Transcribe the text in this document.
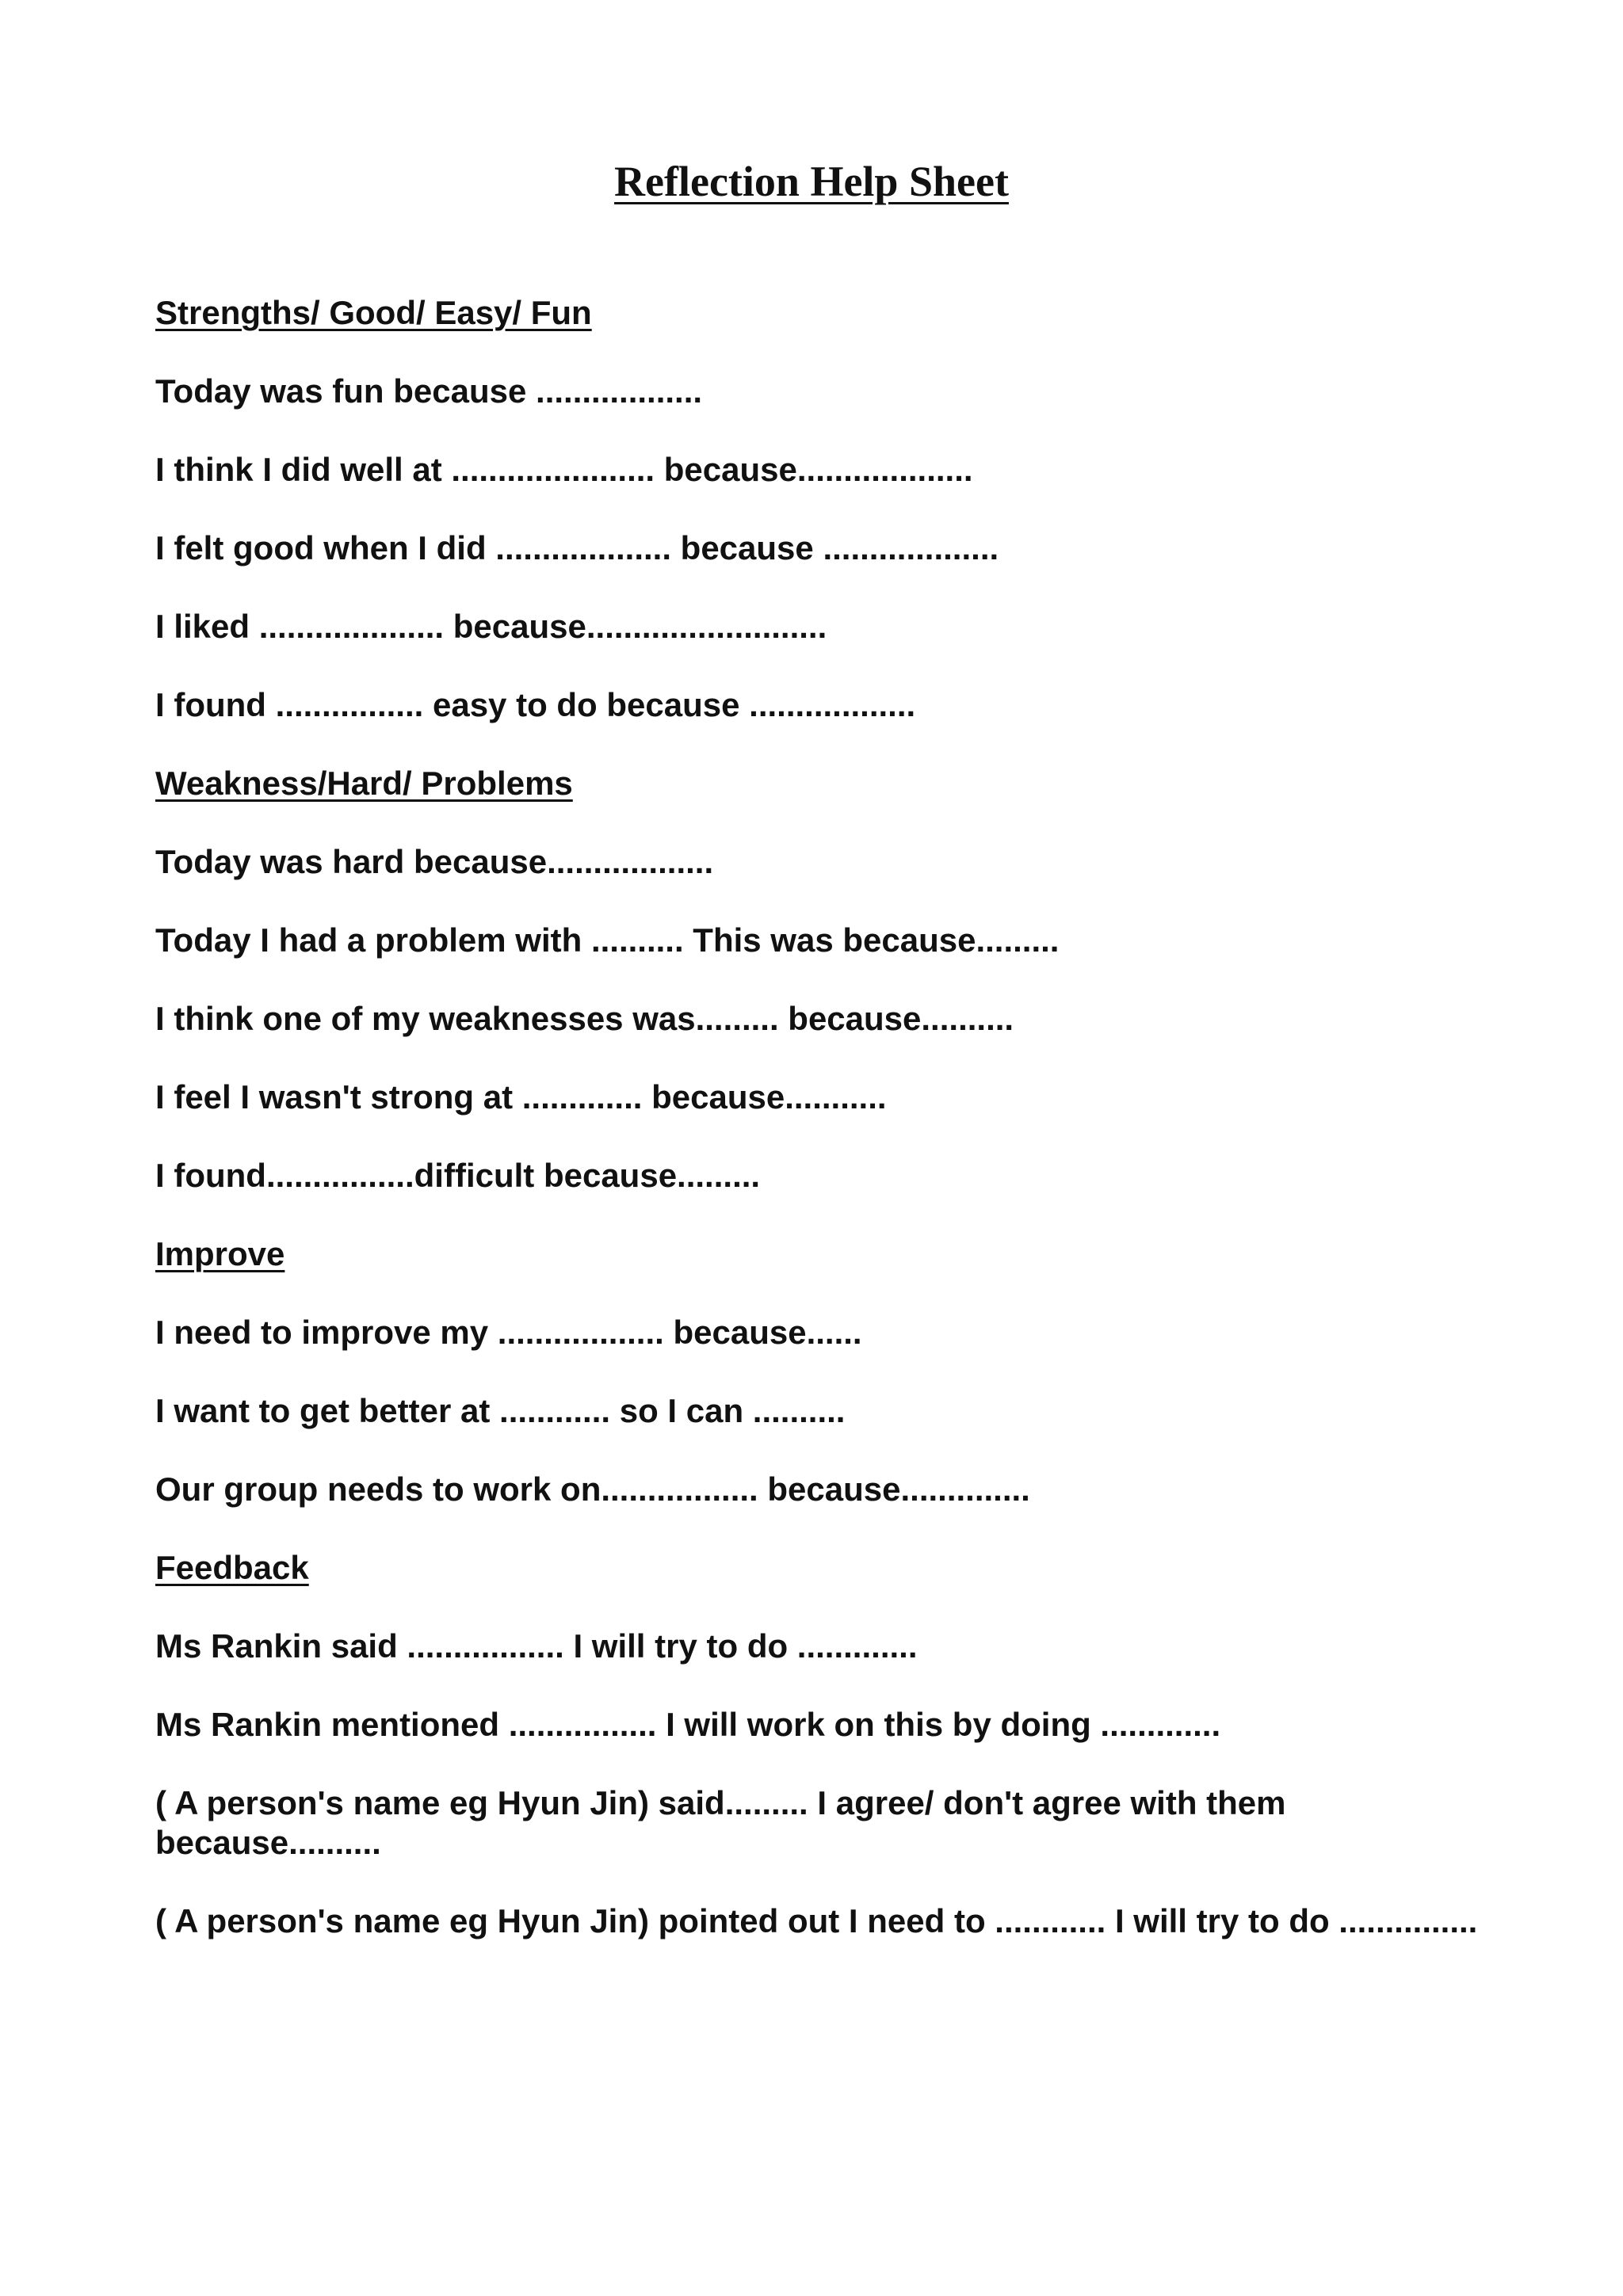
Reflection Help Sheet

Strengths/ Good/ Easy/ Fun

Today was fun because ..................

I think I did well at ...................... because...................

I felt good when I did ................... because ...................

I liked .................... because..........................

I found ................ easy to do because ..................

Weakness/Hard/ Problems

Today was hard because..................

Today I had a problem with .......... This was because.........

I think one of my weaknesses was......... because..........

I feel I wasn't strong at ............. because...........

I found................difficult because.........

Improve

I need to improve my .................. because......

I want to get better at ............ so I can ..........

Our group needs to work on................. because..............

Feedback

Ms Rankin said ................. I will try to do .............

Ms Rankin mentioned ................ I will work on this by doing .............

( A person's name eg Hyun Jin) said......... I agree/ don't agree with them because..........

( A person's name eg Hyun Jin) pointed out I need to ............ I will try to do ...............
